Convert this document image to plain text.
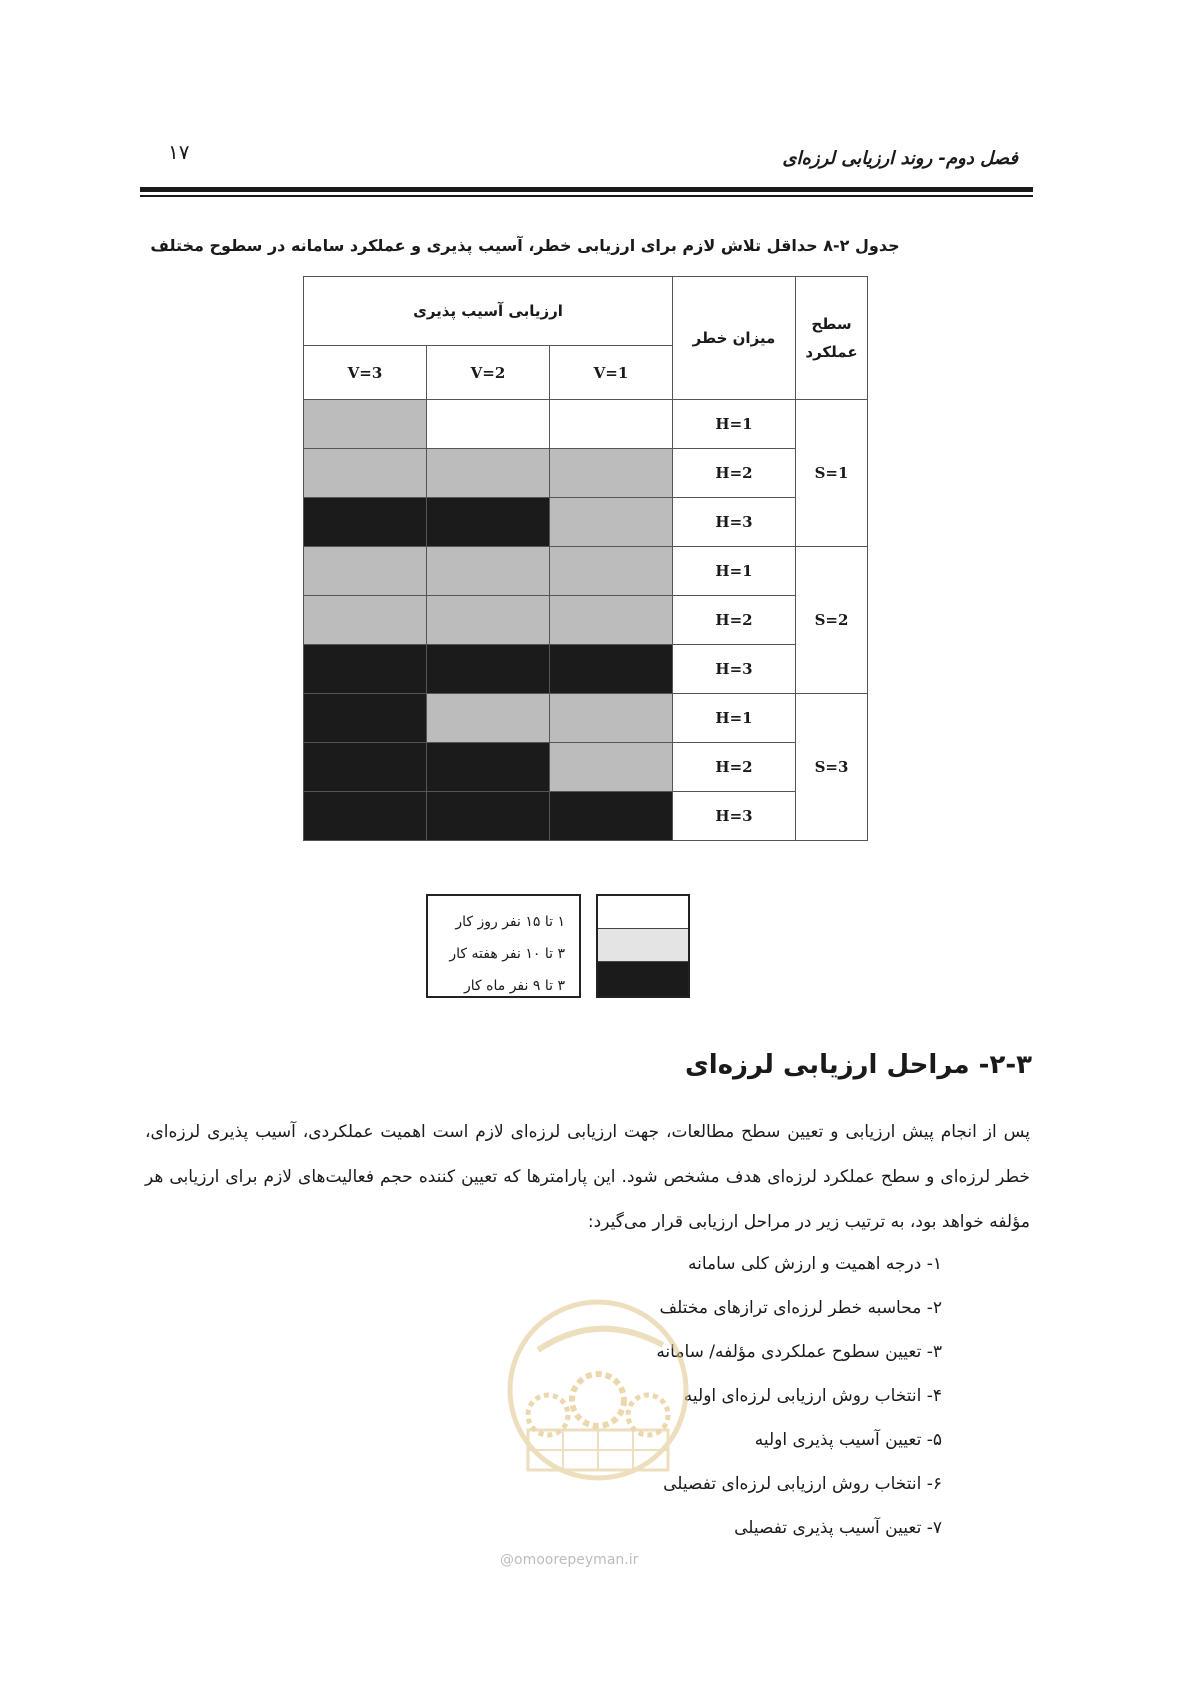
۱۷	فصل دوم- روند ارزیابی لرزه‌ای
جدول ۲-۸ حداقل تلاش لازم برای ارزیابی خطر، آسیب پذیری و عملکرد سامانه در سطوح مختلف
ارزیابی آسیب پذیری			میزان خطر	سطح
عملکرد

V=3	V=2	V=1		
			H=1	S=1
			H=2	
			H=3	
			H=1	S=2
			H=2	
			H=3	
			H=1	S=3
			H=2	
			H=3	
۱ تا ۱۵ نفر روز کار
۳ تا ۱۰ نفر هفته کار
۳ تا ۹ نفر ماه کار
۲-۳- مراحل ارزیابی لرزه‌ای
پس از انجام پیش ارزیابی و تعیین سطح مطالعات، جهت ارزیابی لرزه‌ای لازم است اهمیت عملکردی، آسیب پذیری لرزه‌ای، خطر لرزه‌ای و سطح عملکرد لرزه‌ای هدف مشخص شود. این پارامترها که تعیین کننده حجم فعالیت‌های لازم برای ارزیابی هر مؤلفه خواهد بود، به ترتیب زیر در مراحل ارزیابی قرار می‌گیرد:
۱- درجه اهمیت و ارزش کلی سامانه
۲- محاسبه خطر لرزه‌ای ترازهای مختلف
۳- تعیین سطوح عملکردی مؤلفه/ سامانه
۴- انتخاب روش ارزیابی لرزه‌ای اولیه
۵- تعیین آسیب پذیری اولیه
۶- انتخاب روش ارزیابی لرزه‌ای تفصیلی
۷- تعیین آسیب پذیری تفصیلی
@omoorepeyman.ir
